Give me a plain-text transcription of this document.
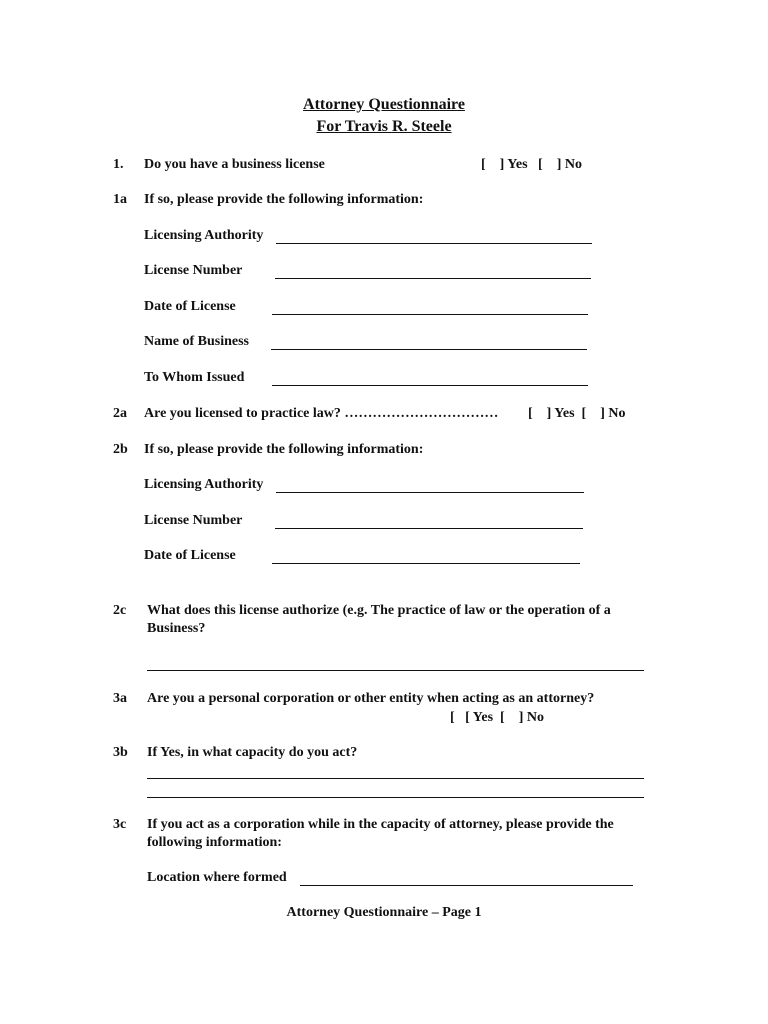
Attorney Questionnaire
For Travis R. Steele
1. Do you have a business license	[    ] Yes   [    ] No
1a If so, please provide the following information:
Licensing Authority
License Number
Date of License
Name of Business
To Whom Issued
2a Are you licensed to practice law? …………………………… [    ] Yes  [    ] No
2b If so, please provide the following information:
Licensing Authority
License Number
Date of License
2c What does this license authorize (e.g. The practice of law or the operation of a
Business?
3a Are you a personal corporation or other entity when acting as an attorney?
[   [ Yes  [    ] No
3b If Yes, in what capacity do you act?
3c If you act as a corporation while in the capacity of attorney, please provide the
following information:
Location where formed
Attorney Questionnaire – Page 1
